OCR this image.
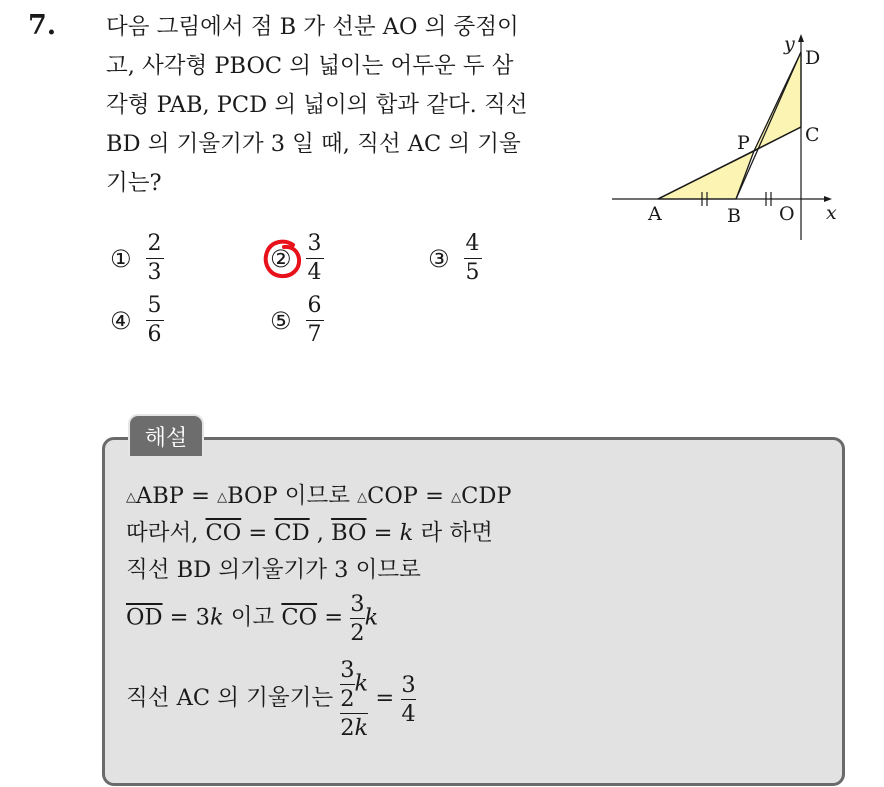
7. 다음 그림에서 점 B 가 선분 AO 의 중점이
고, 사각형 PBOC 의 넓이는 어두운 두 삼
각형 PAB, PCD 의 넓이의 합과 같다. 직선
BD 의 기울기가 3 일 때, 직선 AC 의 기울
기는?
A	B O
P	C
D
y
x
① $\frac{2}{3}$	② $\frac{3}{4}$	③ $\frac{4}{5}$
④ $\frac{5}{6}$	⑤ $\frac{6}{7}$
해설
△ABP = △BOP 이므로 △COP = △CDP
따라서, $\overline{CO} = \overline{CD}$ , $\overline{BO} = k$ 라 하면
직선 BD 의기울기가 3 이므로
$\overline{OD} = 3k$ 이고 $\overline{CO} = \frac{3}{2}$ k
직선 AC 의 기울기는 $\frac{\frac{3}{2} k}{2k} = \frac{3}{4}$
